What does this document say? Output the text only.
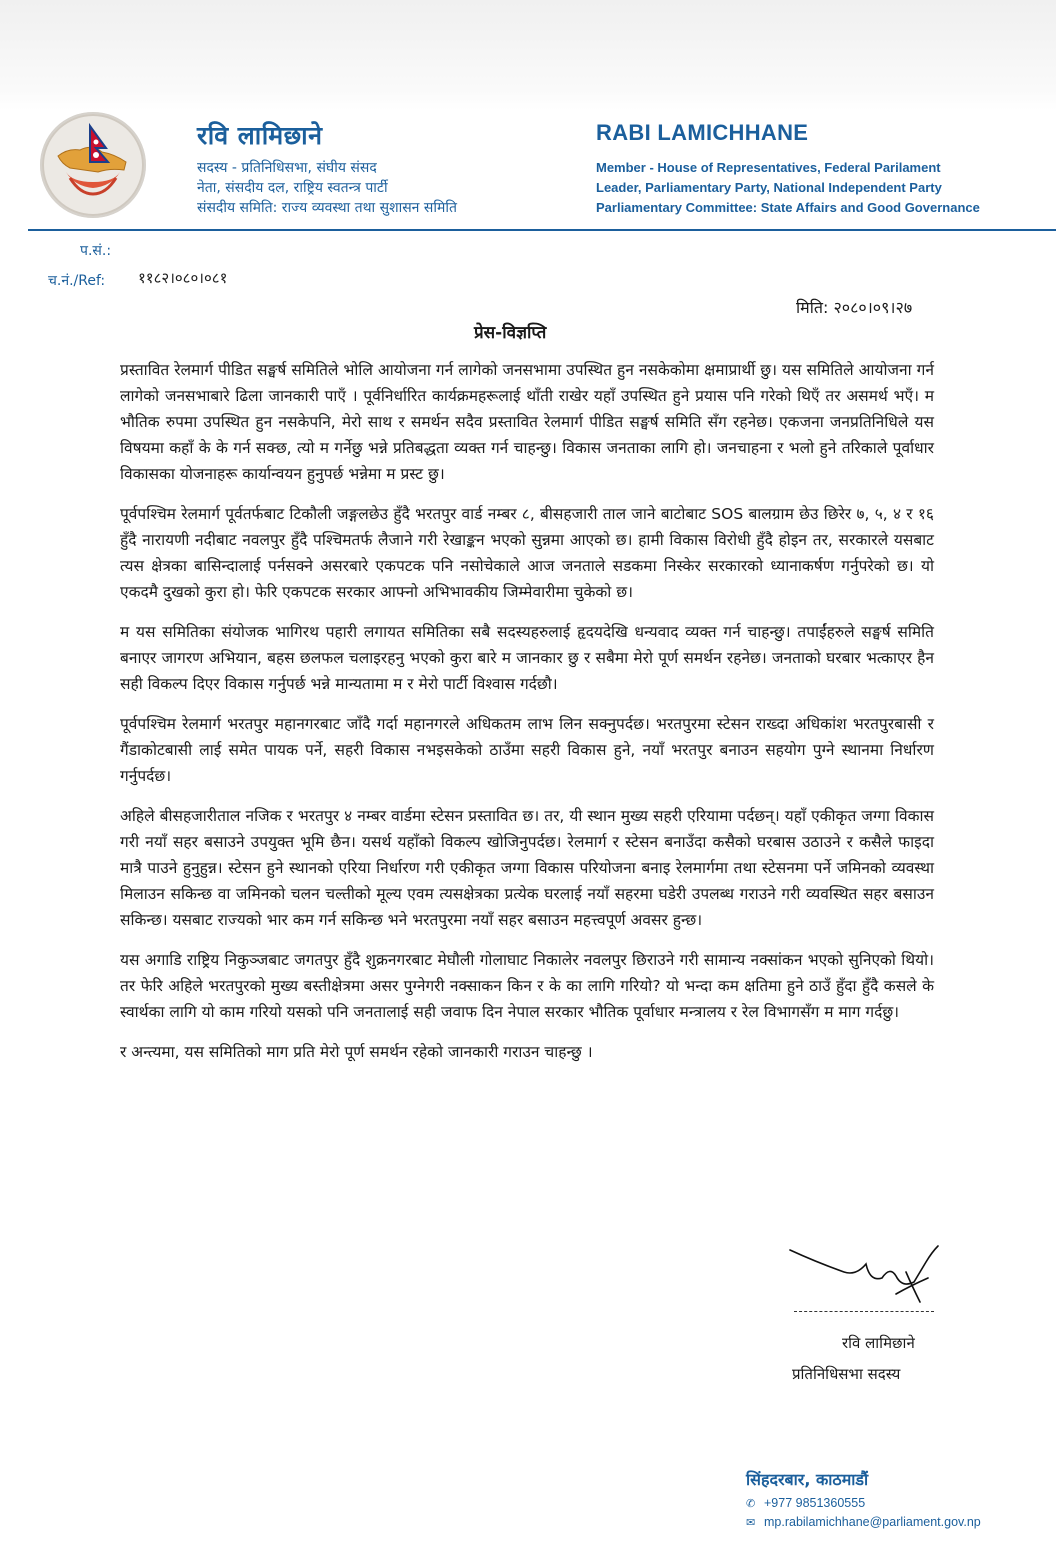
रवि लामिछाने
सदस्य - प्रतिनिधिसभा, संघीय संसद
नेता, संसदीय दल, राष्ट्रिय स्वतन्त्र पार्टी
संसदीय समिति: राज्य व्यवस्था तथा सुशासन समिति
RABI LAMICHHANE
Member - House of Representatives, Federal Parilament
Leader, Parliamentary Party, National Independent Party
Parliamentary Committee: State Affairs and Good Governance
प.सं.:
च.नं./Ref: ११८२।०८०।०८१
मिति: २०८०।०९।२७
प्रेस-विज्ञप्ति

प्रस्तावित रेलमार्ग पीडित सङ्घर्ष समितिले भोलि आयोजना गर्न लागेको जनसभामा उपस्थित हुन नसकेकोमा क्षमाप्रार्थी छु। यस समितिले आयोजना गर्न लागेको जनसभाबारे ढिला जानकारी पाएँ । पूर्वनिर्धारित कार्यक्रमहरूलाई थाँती राखेर यहाँ उपस्थित हुने प्रयास पनि गरेको थिएँ तर असमर्थ भएँ। म भौतिक रुपमा उपस्थित हुन नसकेपनि, मेरो साथ र समर्थन सदैव प्रस्तावित रेलमार्ग पीडित सङ्घर्ष समिति सँग रहनेछ। एकजना जनप्रतिनिधिले यस विषयमा कहाँ के के गर्न सक्छ, त्यो म गर्नेछु भन्ने प्रतिबद्धता व्यक्त गर्न चाहन्छु। विकास जनताका लागि हो। जनचाहना र भलो हुने तरिकाले पूर्वाधार विकासका योजनाहरू कार्यान्वयन हुनुपर्छ भन्नेमा म प्रस्ट छु।

पूर्वपश्चिम रेलमार्ग पूर्वतर्फबाट टिकौली जङ्गलछेउ हुँदै भरतपुर वार्ड नम्बर ८, बीसहजारी ताल जाने बाटोबाट SOS बालग्राम छेउ छिरेर ७, ५, ४ र १६ हुँदै नारायणी नदीबाट नवलपुर हुँदै पश्चिमतर्फ लैजाने गरी रेखाङ्कन भएको सुन्नमा आएको छ। हामी विकास विरोधी हुँदै होइन तर, सरकारले यसबाट त्यस क्षेत्रका बासिन्दालाई पर्नसक्ने असरबारे एकपटक पनि नसोचेकाले आज जनताले सडकमा निस्केर सरकारको ध्यानाकर्षण गर्नुपरेको छ। यो एकदमै दुखको कुरा हो। फेरि एकपटक सरकार आफ्नो अभिभावकीय जिम्मेवारीमा चुकेको छ।

म यस समितिका संयोजक भागिरथ पहारी लगायत समितिका सबै सदस्यहरुलाई हृदयदेखि धन्यवाद व्यक्त गर्न चाहन्छु। तपाईंहरुले सङ्घर्ष समिति बनाएर जागरण अभियान, बहस छलफल चलाइरहनु भएको कुरा बारे म जानकार छु र सबैमा मेरो पूर्ण समर्थन रहनेछ। जनताको घरबार भत्काएर हैन सही विकल्प दिएर विकास गर्नुपर्छ भन्ने मान्यतामा म र मेरो पार्टी विश्वास गर्दछौ।

पूर्वपश्चिम रेलमार्ग भरतपुर महानगरबाट जाँदै गर्दा महानगरले अधिकतम लाभ लिन सक्नुपर्दछ। भरतपुरमा स्टेसन राख्दा अधिकांश भरतपुरबासी र गैंडाकोटबासी लाई समेत पायक पर्ने, सहरी विकास नभइसकेको ठाउँमा सहरी विकास हुने, नयाँ भरतपुर बनाउन सहयोग पुग्ने स्थानमा निर्धारण गर्नुपर्दछ।

अहिले बीसहजारीताल नजिक र भरतपुर ४ नम्बर वार्डमा स्टेसन प्रस्तावित छ। तर, यी स्थान मुख्य सहरी एरियामा पर्दछन्। यहाँ एकीकृत जग्गा विकास गरी नयाँ सहर बसाउने उपयुक्त भूमि छैन। यसर्थ यहाँको विकल्प खोजिनुपर्दछ। रेलमार्ग र स्टेसन बनाउँदा कसैको घरबास उठाउने र कसैले फाइदा मात्रै पाउने हुनुहुन्न। स्टेसन हुने स्थानको एरिया निर्धारण गरी एकीकृत जग्गा विकास परियोजना बनाइ रेलमार्गमा तथा स्टेसनमा पर्ने जमिनको व्यवस्था मिलाउन सकिन्छ वा जमिनको चलन चल्तीको मूल्य एवम त्यसक्षेत्रका प्रत्येक घरलाई नयाँ सहरमा घडेरी उपलब्ध गराउने गरी व्यवस्थित सहर बसाउन सकिन्छ। यसबाट राज्यको भार कम गर्न सकिन्छ भने भरतपुरमा नयाँ सहर बसाउन महत्त्वपूर्ण अवसर हुन्छ।

यस अगाडि राष्ट्रिय निकुञ्जबाट जगतपुर हुँदै शुक्रनगरबाट मेघौली गोलाघाट निकालेर नवलपुर छिराउने गरी सामान्य नक्सांकन भएको सुनिएको थियो। तर फेरि अहिले भरतपुरको मुख्य बस्तीक्षेत्रमा असर पुग्नेगरी नक्साकन किन र के का लागि गरियो? यो भन्दा कम क्षतिमा हुने ठाउँ हुँदा हुँदै कसले के स्वार्थका लागि यो काम गरियो यसको पनि जनतालाई सही जवाफ दिन नेपाल सरकार भौतिक पूर्वाधार मन्त्रालय र रेल विभागसँग म माग गर्दछु।

र अन्त्यमा, यस समितिको माग प्रति मेरो पूर्ण समर्थन रहेको जानकारी गराउन चाहन्छु ।

रवि लामिछाने
प्रतिनिधिसभा सदस्य
सिंहदरबार, काठमाडौं
✆ +977 9851360555
✉ mp.rabilamichhane@parliament.gov.np
